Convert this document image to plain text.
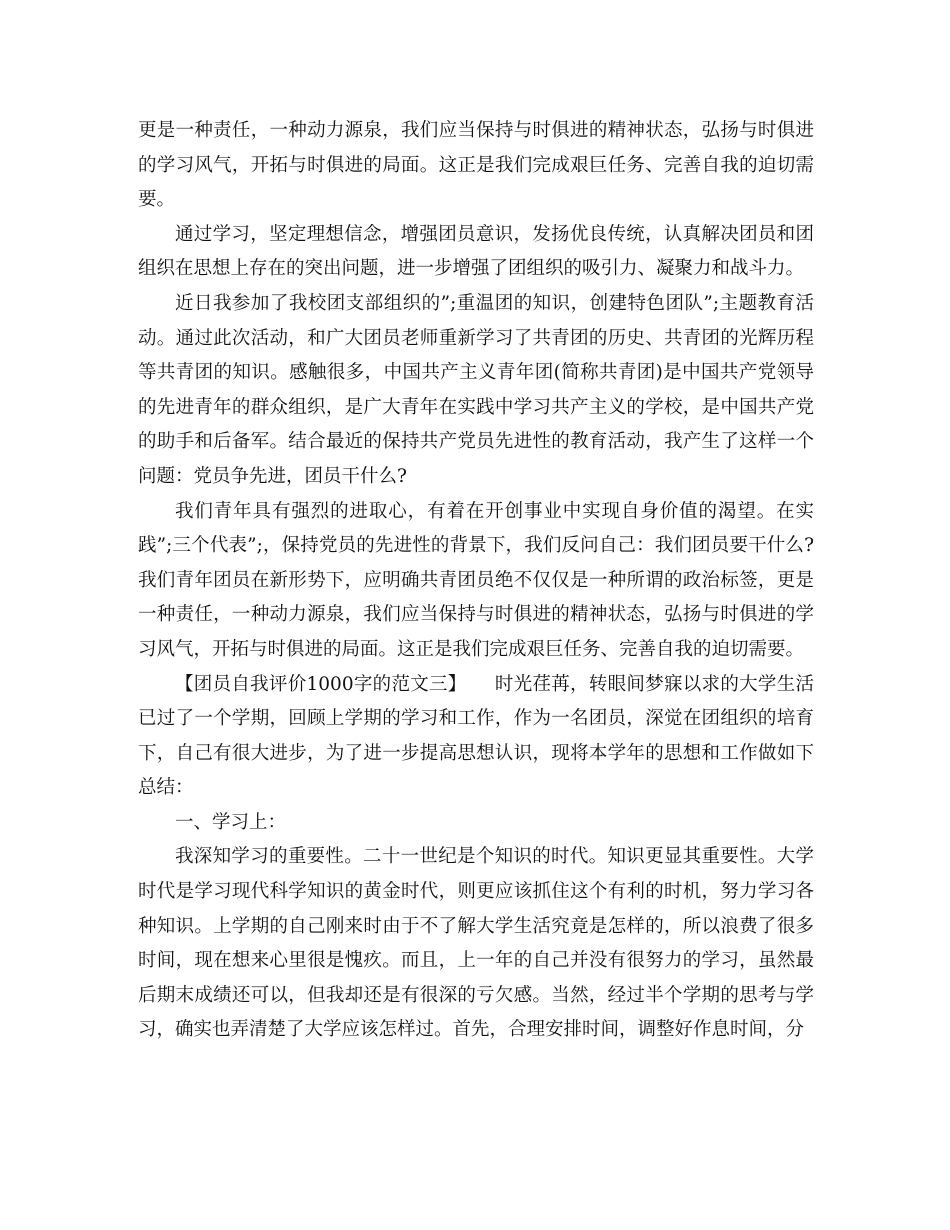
更是一种责任，一种动力源泉，我们应当保持与时俱进的精神状态，弘扬与时俱进的学习风气，开拓与时俱进的局面。这正是我们完成艰巨任务、完善自我的迫切需要。

通过学习，坚定理想信念，增强团员意识，发扬优良传统，认真解决团员和团组织在思想上存在的突出问题，进一步增强了团组织的吸引力、凝聚力和战斗力。

近日我参加了我校团支部组织的”;重温团的知识，创建特色团队”;主题教育活动。通过此次活动，和广大团员老师重新学习了共青团的历史、共青团的光辉历程等共青团的知识。感触很多，中国共产主义青年团(简称共青团)是中国共产党领导的先进青年的群众组织，是广大青年在实践中学习共产主义的学校，是中国共产党的助手和后备军。结合最近的保持共产党员先进性的教育活动，我产生了这样一个问题：党员争先进，团员干什么?

我们青年具有强烈的进取心，有着在开创事业中实现自身价值的渴望。在实践”;三个代表”;，保持党员的先进性的背景下，我们反问自己：我们团员要干什么?我们青年团员在新形势下，应明确共青团员绝不仅仅是一种所谓的政治标签，更是一种责任，一种动力源泉，我们应当保持与时俱进的精神状态，弘扬与时俱进的学习风气，开拓与时俱进的局面。这正是我们完成艰巨任务、完善自我的迫切需要。

【团员自我评价1000字的范文三】　　时光荏苒，转眼间梦寐以求的大学生活已过了一个学期，回顾上学期的学习和工作，作为一名团员，深觉在团组织的培育下，自己有很大进步，为了进一步提高思想认识，现将本学年的思想和工作做如下总结：

一、学习上：

我深知学习的重要性。二十一世纪是个知识的时代。知识更显其重要性。大学时代是学习现代科学知识的黄金时代，则更应该抓住这个有利的时机，努力学习各种知识。上学期的自己刚来时由于不了解大学生活究竟是怎样的，所以浪费了很多时间，现在想来心里很是愧疚。而且，上一年的自己并没有很努力的学习，虽然最后期末成绩还可以，但我却还是有很深的亏欠感。当然，经过半个学期的思考与学习，确实也弄清楚了大学应该怎样过。首先，合理安排时间，调整好作息时间，分
